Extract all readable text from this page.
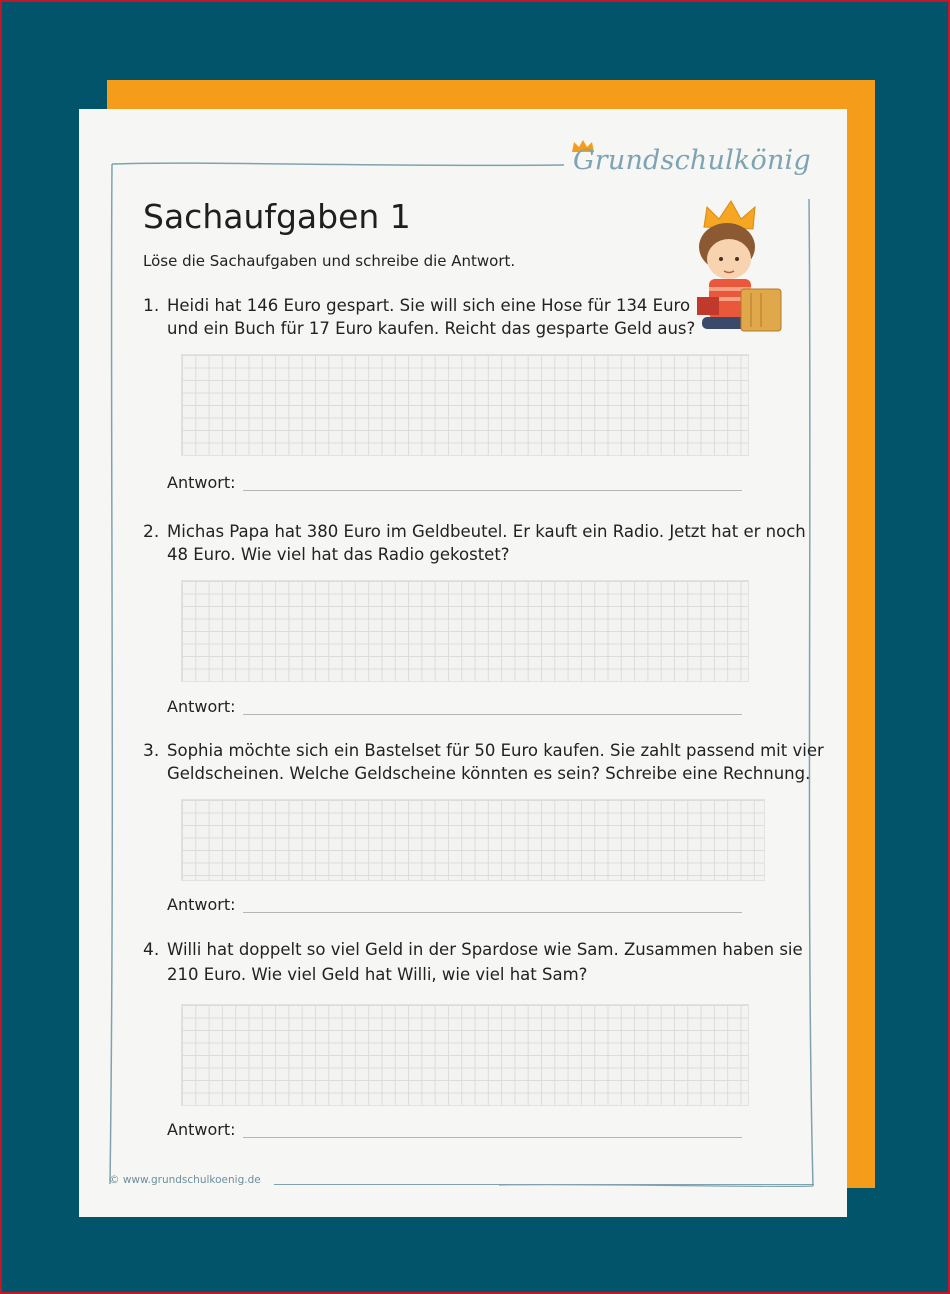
Grundschulkönig
Sachaufgaben 1
Löse die Sachaufgaben und schreibe die Antwort.
1. Heidi hat 146 Euro gespart. Sie will sich eine Hose für 134 Euro
und ein Buch für 17 Euro kaufen. Reicht das gesparte Geld aus?
Antwort:
2. Michas Papa hat 380 Euro im Geldbeutel. Er kauft ein Radio. Jetzt hat er noch
48 Euro. Wie viel hat das Radio gekostet?
Antwort:
3. Sophia möchte sich ein Bastelset für 50 Euro kaufen. Sie zahlt passend mit vier
Geldscheinen. Welche Geldscheine könnten es sein? Schreibe eine Rechnung.
Antwort:
4. Willi hat doppelt so viel Geld in der Spardose wie Sam. Zusammen haben sie
210 Euro. Wie viel Geld hat Willi, wie viel hat Sam?
Antwort:
© www.grundschulkoenig.de
